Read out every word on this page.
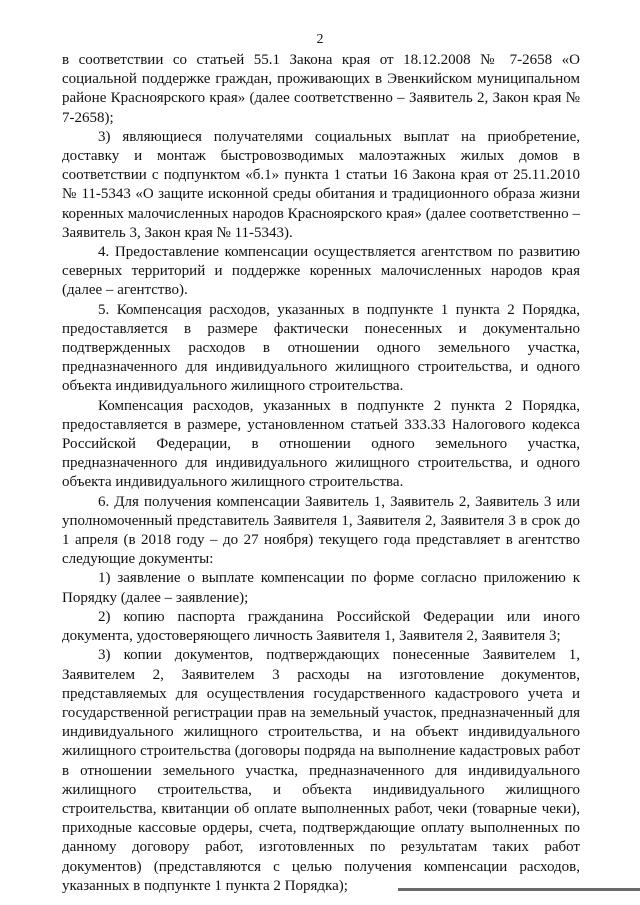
2

в соответствии со статьей 55.1 Закона края от 18.12.2008 № 7-2658 «О социальной поддержке граждан, проживающих в Эвенкийском муниципальном районе Красноярского края» (далее соответственно – Заявитель 2, Закон края № 7-2658);

3) являющиеся получателями социальных выплат на приобретение, доставку и монтаж быстровозводимых малоэтажных жилых домов в соответствии с подпунктом «б.1» пункта 1 статьи 16 Закона края от 25.11.2010 № 11-5343 «О защите исконной среды обитания и традиционного образа жизни коренных малочисленных народов Красноярского края» (далее соответственно – Заявитель 3, Закон края № 11-5343).

4. Предоставление компенсации осуществляется агентством по развитию северных территорий и поддержке коренных малочисленных народов края (далее – агентство).

5. Компенсация расходов, указанных в подпункте 1 пункта 2 Порядка, предоставляется в размере фактически понесенных и документально подтвержденных расходов в отношении одного земельного участка, предназначенного для индивидуального жилищного строительства, и одного объекта индивидуального жилищного строительства.

Компенсация расходов, указанных в подпункте 2 пункта 2 Порядка, предоставляется в размере, установленном статьей 333.33 Налогового кодекса Российской Федерации, в отношении одного земельного участка, предназначенного для индивидуального жилищного строительства, и одного объекта индивидуального жилищного строительства.

6. Для получения компенсации Заявитель 1, Заявитель 2, Заявитель 3 или уполномоченный представитель Заявителя 1, Заявителя 2, Заявителя 3 в срок до 1 апреля (в 2018 году – до 27 ноября) текущего года представляет в агентство следующие документы:

1) заявление о выплате компенсации по форме согласно приложению к Порядку (далее – заявление);

2) копию паспорта гражданина Российской Федерации или иного документа, удостоверяющего личность Заявителя 1, Заявителя 2, Заявителя 3;

3) копии документов, подтверждающих понесенные Заявителем 1, Заявителем 2, Заявителем 3 расходы на изготовление документов, представляемых для осуществления государственного кадастрового учета и государственной регистрации прав на земельный участок, предназначенный для индивидуального жилищного строительства, и на объект индивидуального жилищного строительства (договоры подряда на выполнение кадастровых работ в отношении земельного участка, предназначенного для индивидуального жилищного строительства, и объекта индивидуального жилищного строительства, квитанции об оплате выполненных работ, чеки (товарные чеки), приходные кассовые ордеры, счета, подтверждающие оплату выполненных по данному договору работ, изготовленных по результатам таких работ документов) (представляются с целью получения компенсации расходов, указанных в подпункте 1 пункта 2 Порядка);
